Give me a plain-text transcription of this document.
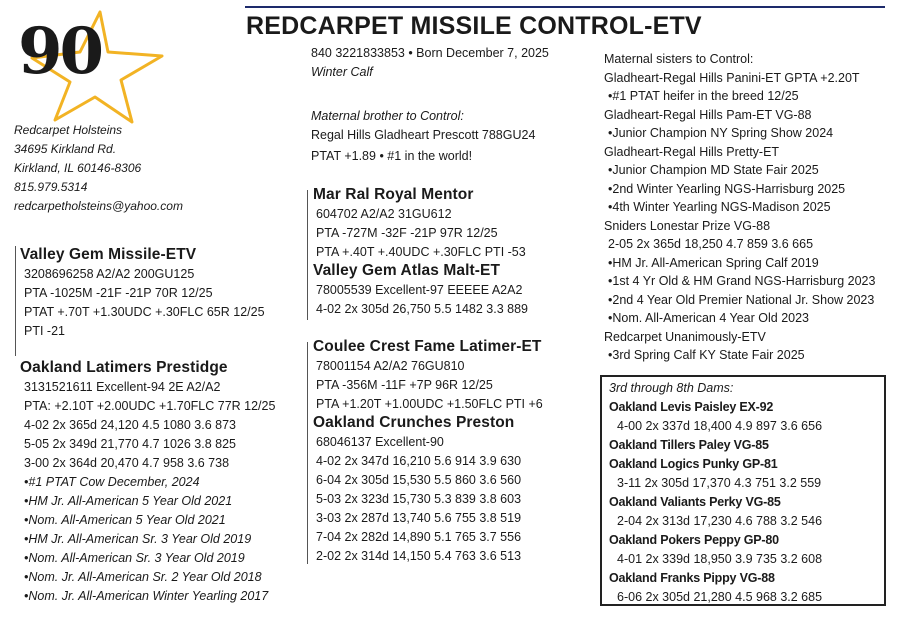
REDCARPET MISSILE CONTROL-ETV
90
Redcarpet Holsteins
34695 Kirkland Rd.
Kirkland, IL 60146-8306
815.979.5314
redcarpetholsteins@yahoo.com
840 3221833853 • Born December 7, 2025
Winter Calf
Maternal brother to Control:
Regal Hills Gladheart Prescott 788GU24
PTAT +1.89 • #1 in the world!
Valley Gem Missile-ETV
3208696258 A2/A2 200GU125
PTA -1025M -21F -21P 70R 12/25
PTAT +.70T +1.30UDC +.30FLC 65R 12/25
PTI -21
Oakland Latimers Prestidge
3131521611 Excellent-94 2E A2/A2
PTA: +2.10T +2.00UDC +1.70FLC 77R 12/25
4-02 2x 365d 24,120 4.5 1080 3.6 873
5-05 2x 349d 21,770 4.7 1026 3.8 825
3-00 2x 364d 20,470 4.7 958 3.6 738
•#1 PTAT Cow December, 2024
•HM Jr. All-American 5 Year Old 2021
•Nom. All-American 5 Year Old 2021
•HM Jr. All-American Sr. 3 Year Old 2019
•Nom. All-American Sr. 3 Year Old 2019
•Nom. Jr. All-American Sr. 2 Year Old 2018
•Nom. Jr. All-American Winter Yearling 2017
Mar Ral Royal Mentor
604702 A2/A2 31GU612
PTA -727M -32F -21P 97R 12/25
PTA +.40T +.40UDC +.30FLC PTI -53
Valley Gem Atlas Malt-ET
78005539 Excellent-97 EEEEE A2A2
4-02 2x 305d 26,750 5.5 1482 3.3 889
Coulee Crest Fame Latimer-ET
78001154 A2/A2 76GU810
PTA -356M -11F +7P 96R 12/25
PTA +1.20T +1.00UDC +1.50FLC PTI +6
Oakland Crunches Preston
68046137 Excellent-90
4-02 2x 347d 16,210 5.6 914 3.9 630
6-04 2x 305d 15,530 5.5 860 3.6 560
5-03 2x 323d 15,730 5.3 839 3.8 603
3-03 2x 287d 13,740 5.6 755 3.8 519
7-04 2x 282d 14,890 5.1 765 3.7 556
2-02 2x 314d 14,150 5.4 763 3.6 513
Maternal sisters to Control:
Gladheart-Regal Hills Panini-ET GPTA +2.20T
•#1 PTAT heifer in the breed 12/25
Gladheart-Regal Hills Pam-ET VG-88
•Junior Champion NY Spring Show 2024
Gladheart-Regal Hills Pretty-ET
•Junior Champion MD State Fair 2025
•2nd Winter Yearling NGS-Harrisburg 2025
•4th Winter Yearling NGS-Madison 2025
Sniders Lonestar Prize VG-88
2-05 2x 365d 18,250 4.7 859 3.6 665
•HM Jr. All-American Spring Calf 2019
•1st 4 Yr Old & HM Grand NGS-Harrisburg 2023
•2nd 4 Year Old Premier National Jr. Show 2023
•Nom. All-American 4 Year Old 2023
Redcarpet Unanimously-ETV
•3rd Spring Calf KY State Fair 2025
3rd through 8th Dams:
Oakland Levis Paisley EX-92
4-00 2x 337d 18,400 4.9 897 3.6 656
Oakland Tillers Paley VG-85
Oakland Logics Punky GP-81
3-11 2x 305d 17,370 4.3 751 3.2 559
Oakland Valiants Perky VG-85
2-04 2x 313d 17,230 4.6 788 3.2 546
Oakland Pokers Peppy GP-80
4-01 2x 339d 18,950 3.9 735 3.2 608
Oakland Franks Pippy VG-88
6-06 2x 305d 21,280 4.5 968 3.2 685
